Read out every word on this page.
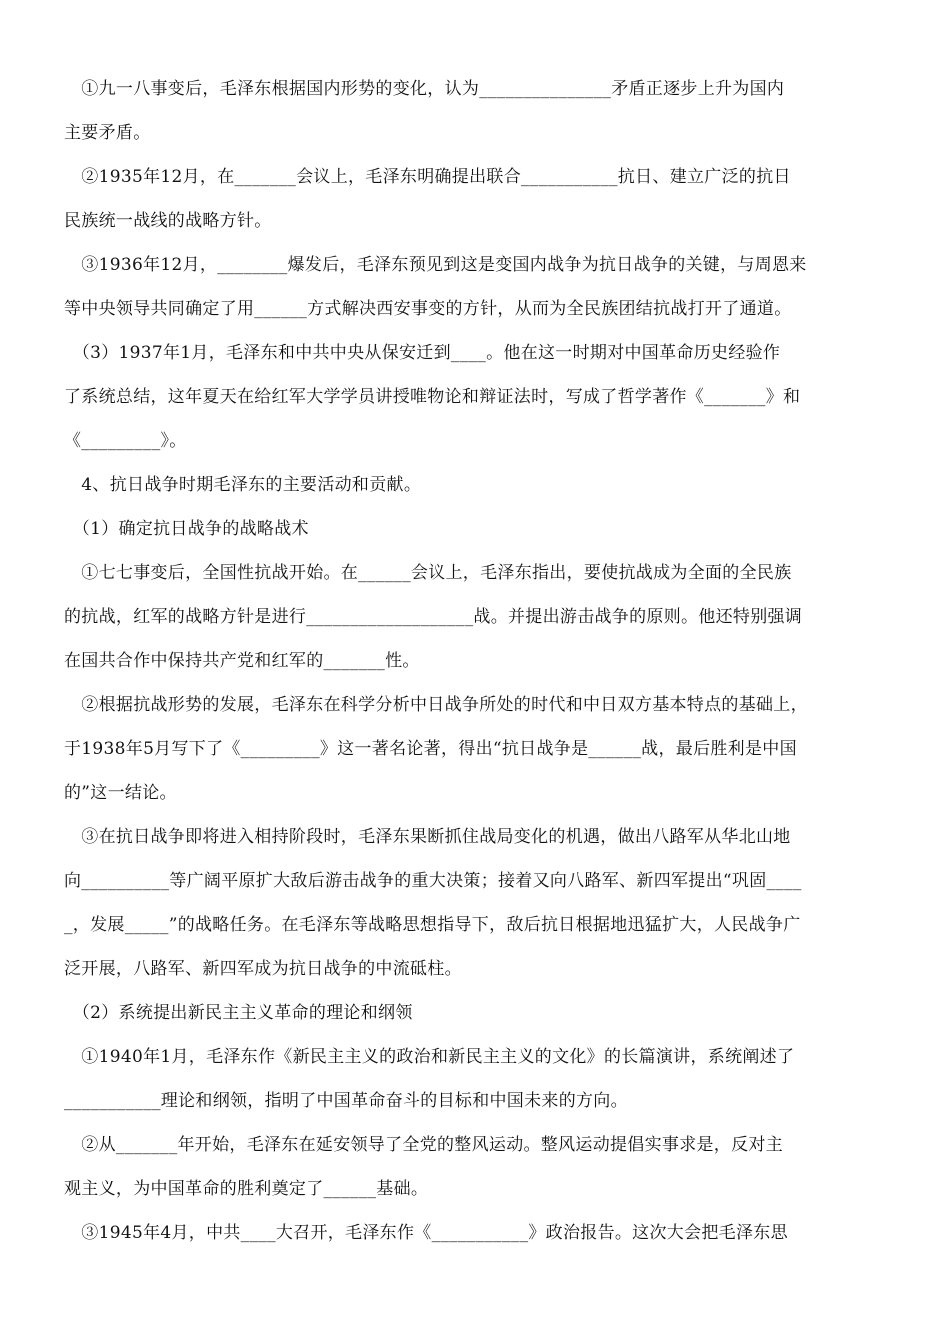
　①九一八事变后，毛泽东根据国内形势的变化，认为_______________矛盾正逐步上升为国内
主要矛盾。
　②1935年12月，在_______会议上，毛泽东明确提出联合___________抗日、建立广泛的抗日
民族统一战线的战略方针。
　③1936年12月，________爆发后，毛泽东预见到这是变国内战争为抗日战争的关键，与周恩来
等中央领导共同确定了用______方式解决西安事变的方针，从而为全民族团结抗战打开了通道。
　（3）1937年1月，毛泽东和中共中央从保安迁到____。他在这一时期对中国革命历史经验作
了系统总结，这年夏天在给红军大学学员讲授唯物论和辩证法时，写成了哲学著作《_______》和
《_________》。
　4、抗日战争时期毛泽东的主要活动和贡献。
　（1）确定抗日战争的战略战术
　①七七事变后，全国性抗战开始。在______会议上，毛泽东指出，要使抗战成为全面的全民族
的抗战，红军的战略方针是进行___________________战。并提出游击战争的原则。他还特别强调
在国共合作中保持共产党和红军的_______性。
　②根据抗战形势的发展，毛泽东在科学分析中日战争所处的时代和中日双方基本特点的基础上，
于1938年5月写下了《_________》这一著名论著，得出“抗日战争是______战，最后胜利是中国
的”这一结论。
　③在抗日战争即将进入相持阶段时，毛泽东果断抓住战局变化的机遇，做出八路军从华北山地
向__________等广阔平原扩大敌后游击战争的重大决策；接着又向八路军、新四军提出“巩固____
_，发展_____”的战略任务。在毛泽东等战略思想指导下，敌后抗日根据地迅猛扩大，人民战争广
泛开展，八路军、新四军成为抗日战争的中流砥柱。
　（2）系统提出新民主主义革命的理论和纲领
　①1940年1月，毛泽东作《新民主主义的政治和新民主主义的文化》的长篇演讲，系统阐述了
___________理论和纲领，指明了中国革命奋斗的目标和中国未来的方向。
　②从_______年开始，毛泽东在延安领导了全党的整风运动。整风运动提倡实事求是，反对主
观主义，为中国革命的胜利奠定了______基础。
　③1945年4月，中共____大召开，毛泽东作《___________》政治报告。这次大会把毛泽东思
